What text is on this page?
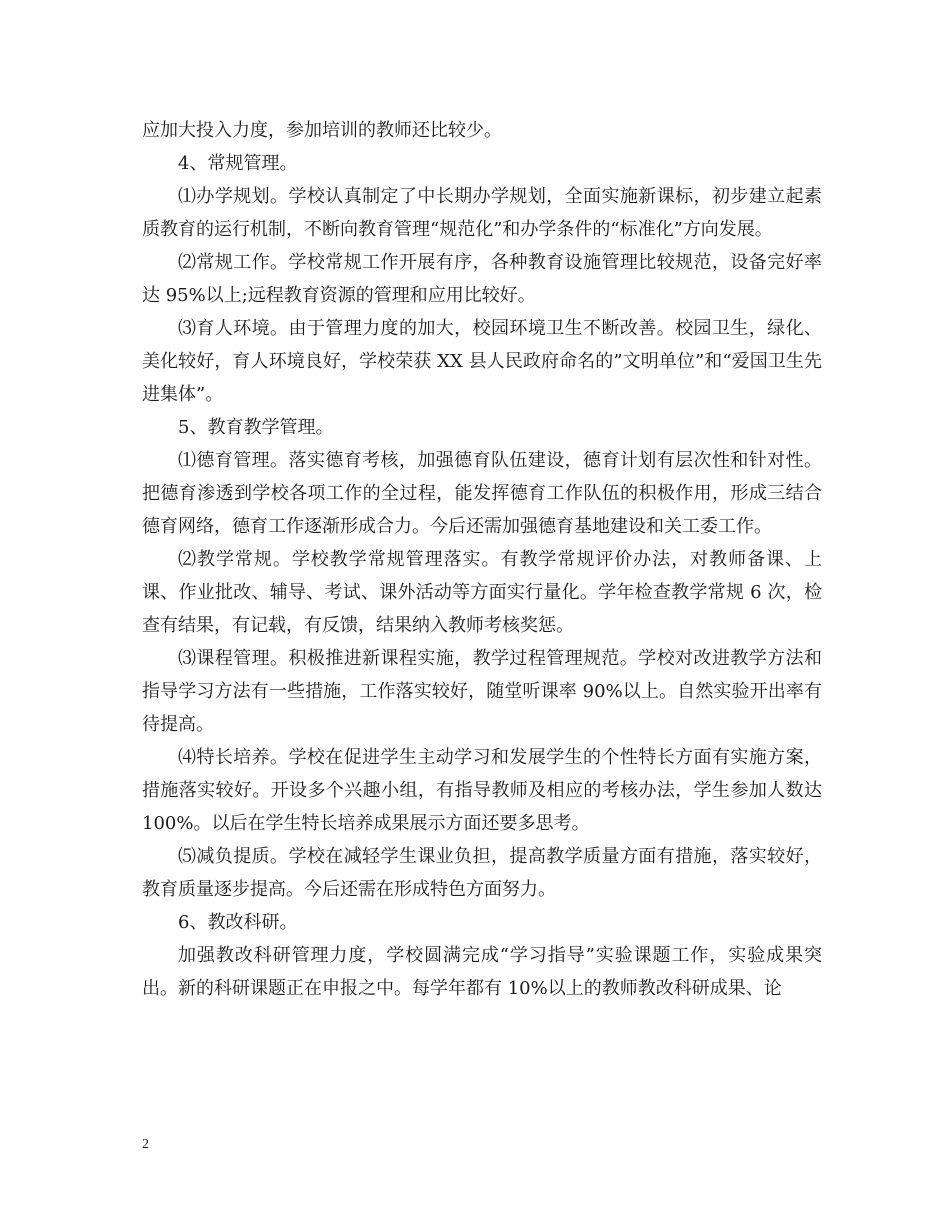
应加大投入力度，参加培训的教师还比较少。

4、常规管理。

⑴办学规划。学校认真制定了中长期办学规划，全面实施新课标，初步建立起素质教育的运行机制，不断向教育管理“规范化”和办学条件的“标准化”方向发展。

⑵常规工作。学校常规工作开展有序，各种教育设施管理比较规范，设备完好率达 95%以上;远程教育资源的管理和应用比较好。

⑶育人环境。由于管理力度的加大，校园环境卫生不断改善。校园卫生，绿化、美化较好，育人环境良好，学校荣获 XX 县人民政府命名的”文明单位”和“爱国卫生先进集体”。

5、教育教学管理。

⑴德育管理。落实德育考核，加强德育队伍建设，德育计划有层次性和针对性。把德育渗透到学校各项工作的全过程，能发挥德育工作队伍的积极作用，形成三结合德育网络，德育工作逐渐形成合力。今后还需加强德育基地建设和关工委工作。

⑵教学常规。学校教学常规管理落实。有教学常规评价办法，对教师备课、上课、作业批改、辅导、考试、课外活动等方面实行量化。学年检查教学常规 6 次，检查有结果，有记载，有反馈，结果纳入教师考核奖惩。

⑶课程管理。积极推进新课程实施，教学过程管理规范。学校对改进教学方法和指导学习方法有一些措施，工作落实较好，随堂听课率 90%以上。自然实验开出率有待提高。

⑷特长培养。学校在促进学生主动学习和发展学生的个性特长方面有实施方案，措施落实较好。开设多个兴趣小组，有指导教师及相应的考核办法，学生参加人数达 100%。以后在学生特长培养成果展示方面还要多思考。

⑸减负提质。学校在减轻学生课业负担，提高教学质量方面有措施，落实较好，教育质量逐步提高。今后还需在形成特色方面努力。

6、教改科研。

加强教改科研管理力度，学校圆满完成“学习指导”实验课题工作，实验成果突出。新的科研课题正在申报之中。每学年都有 10%以上的教师教改科研成果、论

2
